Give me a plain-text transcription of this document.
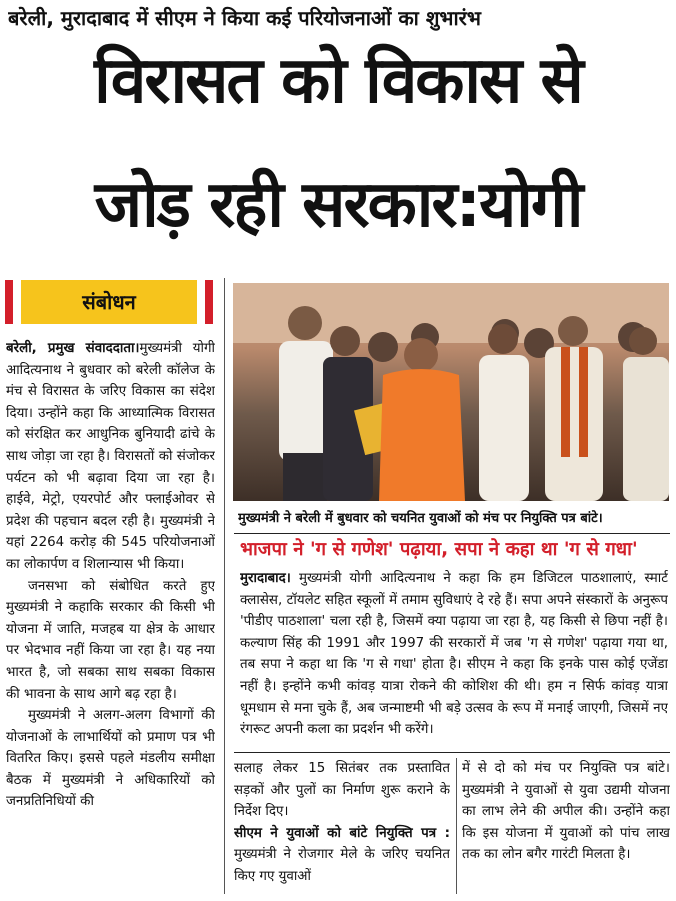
बरेली, मुरादाबाद में सीएम ने किया कई परियोजनाओं का शुभारंभ
विरासत को विकास से
जोड़ रही सरकार:योगी
संबोधन

बरेली, प्रमुख संवाददाता।मुख्यमंत्री योगी आदित्यनाथ ने बुधवार को बरेली कॉलेज के मंच से विरासत के जरिए विकास का संदेश दिया। उन्होंने कहा कि आध्यात्मिक विरासत को संरक्षित कर आधुनिक बुनियादी ढांचे के साथ जोड़ा जा रहा है। विरासतों को संजोकर पर्यटन को भी बढ़ावा दिया जा रहा है। हाईवे, मेट्रो, एयरपोर्ट और फ्लाईओवर से प्रदेश की पहचान बदल रही है। मुख्यमंत्री ने यहां 2264 करोड़ की 545 परियोजनाओं का लोकार्पण व शिलान्यास भी किया।

जनसभा को संबोधित करते हुए मुख्यमंत्री ने कहाकि सरकार की किसी भी योजना में जाति, मजहब या क्षेत्र के आधार पर भेदभाव नहीं किया जा रहा है। यह नया भारत है, जो सबका साथ सबका विकास की भावना के साथ आगे बढ़ रहा है।

मुख्यमंत्री ने अलग-अलग विभागों की योजनाओं के लाभार्थियों को प्रमाण पत्र भी वितरित किए। इससे पहले मंडलीय समीक्षा बैठक में मुख्यमंत्री ने अधिकारियों को जनप्रतिनिधियों की

मुख्यमंत्री ने बरेली में बुधवार को चयनित युवाओं को मंच पर नियुक्ति पत्र बांटे।
भाजपा ने 'ग से गणेश' पढ़ाया, सपा ने कहा था 'ग से गधा'

मुरादाबाद। मुख्यमंत्री योगी आदित्यनाथ ने कहा कि हम डिजिटल पाठशालाएं, स्मार्ट क्लासेस, टॉयलेट सहित स्कूलों में तमाम सुविधाएं दे रहे हैं। सपा अपने संस्कारों के अनुरूप 'पीडीए पाठशाला' चला रही है, जिसमें क्या पढ़ाया जा रहा है, यह किसी से छिपा नहीं है। कल्याण सिंह की 1991 और 1997 की सरकारों में जब 'ग से गणेश' पढ़ाया गया था, तब सपा ने कहा था कि 'ग से गधा' होता है। सीएम ने कहा कि इनके पास कोई एजेंडा नहीं है। इन्होंने कभी कांवड़ यात्रा रोकने की कोशिश की थी। हम न सिर्फ कांवड़ यात्रा धूमधाम से मना चुके हैं, अब जन्माष्टमी भी बड़े उत्सव के रूप में मनाई जाएगी, जिसमें नए रंगरूट अपनी कला का प्रदर्शन भी करेंगे।

सलाह लेकर 15 सितंबर तक प्रस्तावित सड़कों और पुलों का निर्माण शुरू कराने के निर्देश दिए।

सीएम ने युवाओं को बांटे नियुक्ति पत्र : मुख्यमंत्री ने रोजगार मेले के जरिए चयनित किए गए युवाओं

में से दो को मंच पर नियुक्ति पत्र बांटे। मुख्यमंत्री ने युवाओं से युवा उद्यमी योजना का लाभ लेने की अपील की। उन्होंने कहा कि इस योजना में युवाओं को पांच लाख तक का लोन बगैर गारंटी मिलता है।
